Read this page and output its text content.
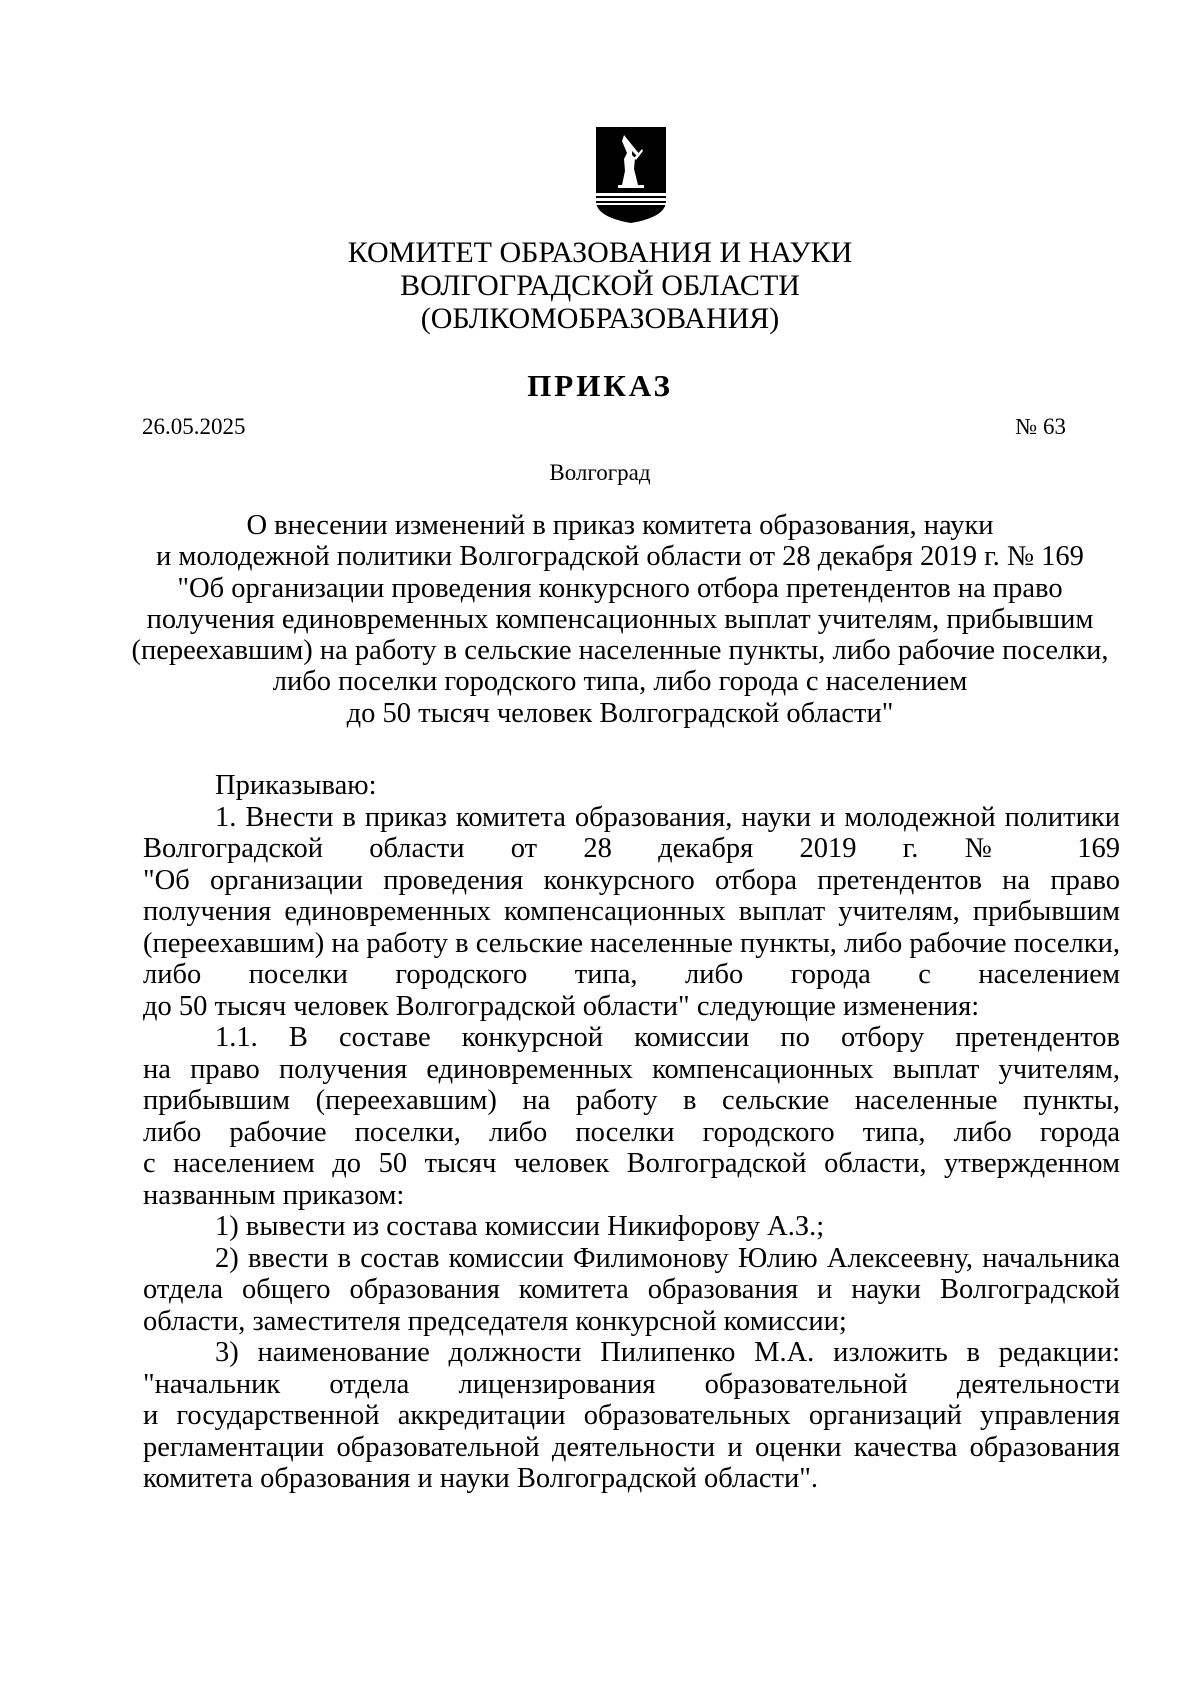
КОМИТЕТ ОБРАЗОВАНИЯ И НАУКИ
ВОЛГОГРАДСКОЙ ОБЛАСТИ
(ОБЛКОМОБРАЗОВАНИЯ)
ПРИКАЗ
26.05.2025	№ 63
Волгоград
О внесении изменений в приказ комитета образования, науки
и молодежной политики Волгоградской области от 28 декабря 2019 г. № 169
"Об организации проведения конкурсного отбора претендентов на право
получения единовременных компенсационных выплат учителям, прибывшим
(переехавшим) на работу в сельские населенные пункты, либо рабочие поселки,
либо поселки городского типа, либо города с населением
до 50 тысяч человек Волгоградской области"
Приказываю:
1. Внести в приказ комитета образования, науки и молодежной политики
Волгоградской области от 28 декабря 2019 г. № 169
"Об организации проведения конкурсного отбора претендентов на право
получения единовременных компенсационных выплат учителям, прибывшим
(переехавшим) на работу в сельские населенные пункты, либо рабочие поселки,
либо поселки городского типа, либо города с населением
до 50 тысяч человек Волгоградской области" следующие изменения:
1.1. В составе конкурсной комиссии по отбору претендентов
на право получения единовременных компенсационных выплат учителям,
прибывшим (переехавшим) на работу в сельские населенные пункты,
либо рабочие поселки, либо поселки городского типа, либо города
с населением до 50 тысяч человек Волгоградской области, утвержденном
названным приказом:
1) вывести из состава комиссии Никифорову А.З.;
2) ввести в состав комиссии Филимонову Юлию Алексеевну, начальника
отдела общего образования комитета образования и науки Волгоградской
области, заместителя председателя конкурсной комиссии;
3) наименование должности Пилипенко М.А. изложить в редакции:
"начальник отдела лицензирования образовательной деятельности
и государственной аккредитации образовательных организаций управления
регламентации образовательной деятельности и оценки качества образования
комитета образования и науки Волгоградской области".
